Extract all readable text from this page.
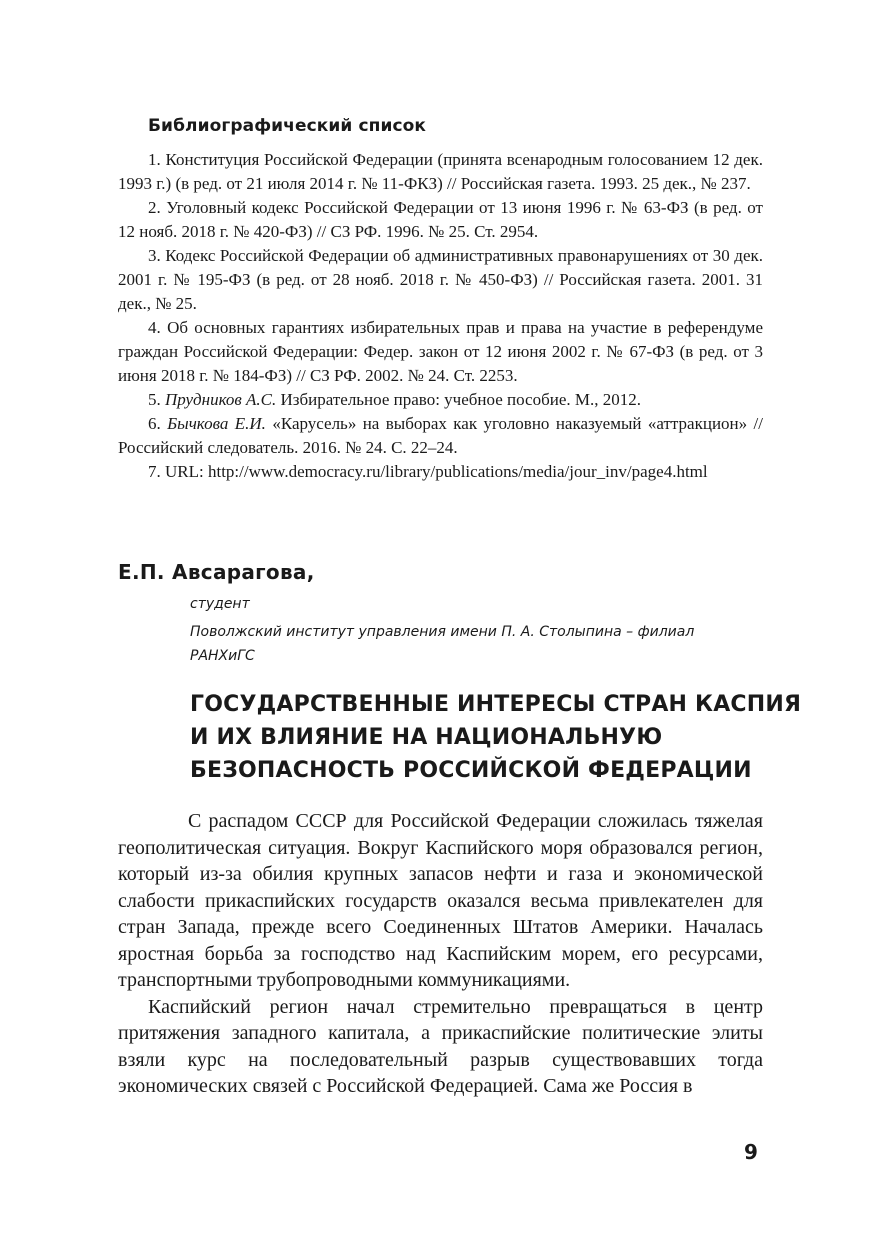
Библиографический список
1. Конституция Российской Федерации (принята всенародным голосованием 12 дек. 1993 г.) (в ред. от 21 июля 2014 г. № 11-ФКЗ) // Российская газета. 1993. 25 дек., № 237.
2. Уголовный кодекс Российской Федерации от 13 июня 1996 г. № 63-ФЗ (в ред. от 12 нояб. 2018 г. № 420-ФЗ) // СЗ РФ. 1996. № 25. Ст. 2954.
3. Кодекс Российской Федерации об административных правонарушениях от 30 дек. 2001 г. № 195-ФЗ (в ред. от 28 нояб. 2018 г. № 450-ФЗ) // Российская газета. 2001. 31 дек., № 25.
4. Об основных гарантиях избирательных прав и права на участие в референдуме граждан Российской Федерации: Федер. закон от 12 июня 2002 г. № 67-ФЗ (в ред. от 3 июня 2018 г. № 184-ФЗ) // СЗ РФ. 2002. № 24. Ст. 2253.
5. Прудников А.С. Избирательное право: учебное пособие. М., 2012.
6. Бычкова Е.И. «Карусель» на выборах как уголовно наказуемый «аттракцион» // Российский следователь. 2016. № 24. С. 22–24.
7. URL: http://www.democracy.ru/library/publications/media/jour_inv/page4.html
Е.П. Авсарагова,
студент
Поволжский институт управления имени П. А. Столыпина – филиал РАНХиГС
ГОСУДАРСТВЕННЫЕ ИНТЕРЕСЫ СТРАН КАСПИЯ
И ИХ ВЛИЯНИЕ НА НАЦИОНАЛЬНУЮ
БЕЗОПАСНОСТЬ РОССИЙСКОЙ ФЕДЕРАЦИИ

С распадом СССР для Российской Федерации сложилась тяжелая геополитическая ситуация. Вокруг Каспийского моря образовался регион, который из-за обилия крупных запасов нефти и газа и экономической слабости прикаспийских государств оказался весьма привлекателен для стран Запада, прежде всего Соединенных Штатов Америки. Началась яростная борьба за господство над Каспийским морем, его ресурсами, транспортными трубопроводными коммуникациями.

Каспийский регион начал стремительно превращаться в центр притяжения западного капитала, а прикаспийские политические элиты взяли курс на последовательный разрыв существовавших тогда экономических связей с Российской Федерацией. Сама же Россия в

9
